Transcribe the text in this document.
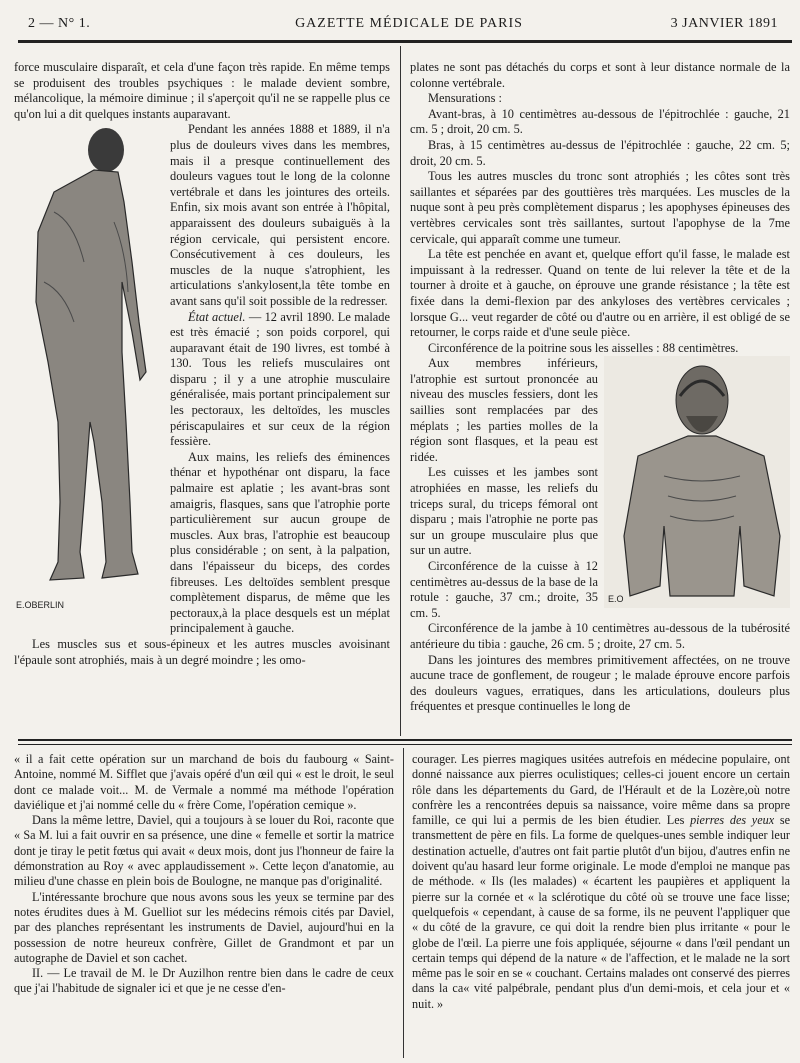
2 — N° 1.	GAZETTE MÉDICALE DE PARIS	3 JANVIER 1891

force musculaire disparaît, et cela d'une façon très rapide. En même temps se produisent des troubles psychiques : le malade devient sombre, mélancolique, la mémoire diminue ; il s'aperçoit qu'il ne se rappelle plus ce qu'on lui a dit quelques instants auparavant.

E.OBERLIN

Pendant les années 1888 et 1889, il n'a plus de douleurs vives dans les membres, mais il a presque continuellement des douleurs vagues tout le long de la colonne vertébrale et dans les jointures des orteils. Enfin, six mois avant son entrée à l'hôpital, apparaissent des douleurs subaiguës à la région cervicale, qui persistent encore. Consécutivement à ces douleurs, les muscles de la nuque s'atrophient, les articulations s'ankylosent,la tête tombe en avant sans qu'il soit possible de la redresser.

État actuel. — 12 avril 1890. Le malade est très émacié ; son poids corporel, qui auparavant était de 190 livres, est tombé à 130. Tous les reliefs musculaires ont disparu ; il y a une atrophie musculaire généralisée, mais portant principalement sur les pectoraux, les deltoïdes, les muscles périscapulaires et sur ceux de la région fessière.

Aux mains, les reliefs des éminences thénar et hypothénar ont disparu, la face palmaire est aplatie ; les avant-bras sont amaigris, flasques, sans que l'atrophie porte particulièrement sur aucun groupe de muscles. Aux bras, l'atrophie est beaucoup plus considérable ; on sent, à la palpation, dans l'épaisseur du biceps, des cordes fibreuses. Les deltoïdes semblent presque complètement disparus, de même que les pectoraux,à la place desquels est un méplat principalement à gauche.

Les muscles sus et sous-épineux et les autres muscles avoisinant l'épaule sont atrophiés, mais à un degré moindre ; les omo-

plates ne sont pas détachés du corps et sont à leur distance normale de la colonne vertébrale.

Mensurations :

Avant-bras, à 10 centimètres au-dessous de l'épitrochlée : gauche, 21 cm. 5 ; droit, 20 cm. 5.

Bras, à 15 centimètres au-dessus de l'épitrochlée : gauche, 22 cm. 5; droit, 20 cm. 5.

Tous les autres muscles du tronc sont atrophiés ; les côtes sont très saillantes et séparées par des gouttières très marquées. Les muscles de la nuque sont à peu près complètement disparus ; les apophyses épineuses des vertèbres cervicales sont très saillantes, surtout l'apophyse de la 7me cervicale, qui apparaît comme une tumeur.

La tête est penchée en avant et, quelque effort qu'il fasse, le malade est impuissant à la redresser. Quand on tente de lui relever la tête et de la tourner à droite et à gauche, on éprouve une grande résistance ; la tête est fixée dans la demi-flexion par des ankyloses des vertèbres cervicales ; lorsque G... veut regarder de côté ou d'autre ou en arrière, il est obligé de se retourner, le corps raide et d'une seule pièce.

Circonférence de la poitrine sous les aisselles : 88 centimètres.

E.O

Aux membres inférieurs, l'atrophie est surtout prononcée au niveau des muscles fessiers, dont les saillies sont remplacées par des méplats ; les parties molles de la région sont flasques, et la peau est ridée.

Les cuisses et les jambes sont atrophiées en masse, les reliefs du triceps sural, du triceps fémoral ont disparu ; mais l'atrophie ne porte pas sur un groupe musculaire plus que sur un autre.

Circonférence de la cuisse à 12 centimètres au-dessus de la base de la rotule : gauche, 37 cm.; droite, 35 cm. 5.

Circonférence de la jambe à 10 centimètres au-dessous de la tubérosité antérieure du tibia : gauche, 26 cm. 5 ; droite, 27 cm. 5.

Dans les jointures des membres primitivement affectées, on ne trouve aucune trace de gonflement, de rougeur ; le malade éprouve encore parfois des douleurs vagues, erratiques, dans les articulations, douleurs plus fréquentes et presque continuelles le long de

« il a fait cette opération sur un marchand de bois du faubourg « Saint-Antoine, nommé M. Sifflet que j'avais opéré d'un œil qui « est le droit, le seul dont ce malade voit... M. de Vermale a nommé ma méthode l'opération daviélique et j'ai nommé celle du « frère Come, l'opération cemique ».

Dans la même lettre, Daviel, qui a toujours à se louer du Roi, raconte que « Sa M. lui a fait ouvrir en sa présence, une dine « femelle et sortir la matrice dont je tiray le petit fœtus qui avait « deux mois, dont jus l'honneur de faire la démonstration au Roy « avec applaudissement ». Cette leçon d'anatomie, au milieu d'une chasse en plein bois de Boulogne, ne manque pas d'originalité.

L'intéressante brochure que nous avons sous les yeux se termine par des notes érudites dues à M. Guelliot sur les médecins rémois cités par Daviel, par des planches représentant les instruments de Daviel, aujourd'hui en la possession de notre heureux confrère, Gillet de Grandmont et par un autographe de Daviel et son cachet.

II. — Le travail de M. le Dr Auzilhon rentre bien dans le cadre de ceux que j'ai l'habitude de signaler ici et que je ne cesse d'en-

courager. Les pierres magiques usitées autrefois en médecine populaire, ont donné naissance aux pierres oculistiques; celles-ci jouent encore un certain rôle dans les départements du Gard, de l'Hérault et de la Lozère,où notre confrère les a rencontrées depuis sa naissance, voire même dans sa propre famille, ce qui lui a permis de les bien étudier. Les pierres des yeux se transmettent de père en fils. La forme de quelques-unes semble indiquer leur destination actuelle, d'autres ont fait partie plutôt d'un bijou, d'autres enfin ne doivent qu'au hasard leur forme originale. Le mode d'emploi ne manque pas de méthode. « Ils (les malades) « écartent les paupières et appliquent la pierre sur la cornée et « la sclérotique du côté où se trouve une face lisse; quelquefois « cependant, à cause de sa forme, ils ne peuvent l'appliquer que « du côté de la gravure, ce qui doit la rendre bien plus irritante « pour le globe de l'œil. La pierre une fois appliquée, séjourne « dans l'œil pendant un certain temps qui dépend de la nature « de l'affection, et le malade ne la sort même pas le soir en se « couchant. Certains malades ont conservé des pierres dans la ca« vité palpébrale, pendant plus d'un demi-mois, et cela jour et « nuit. »
